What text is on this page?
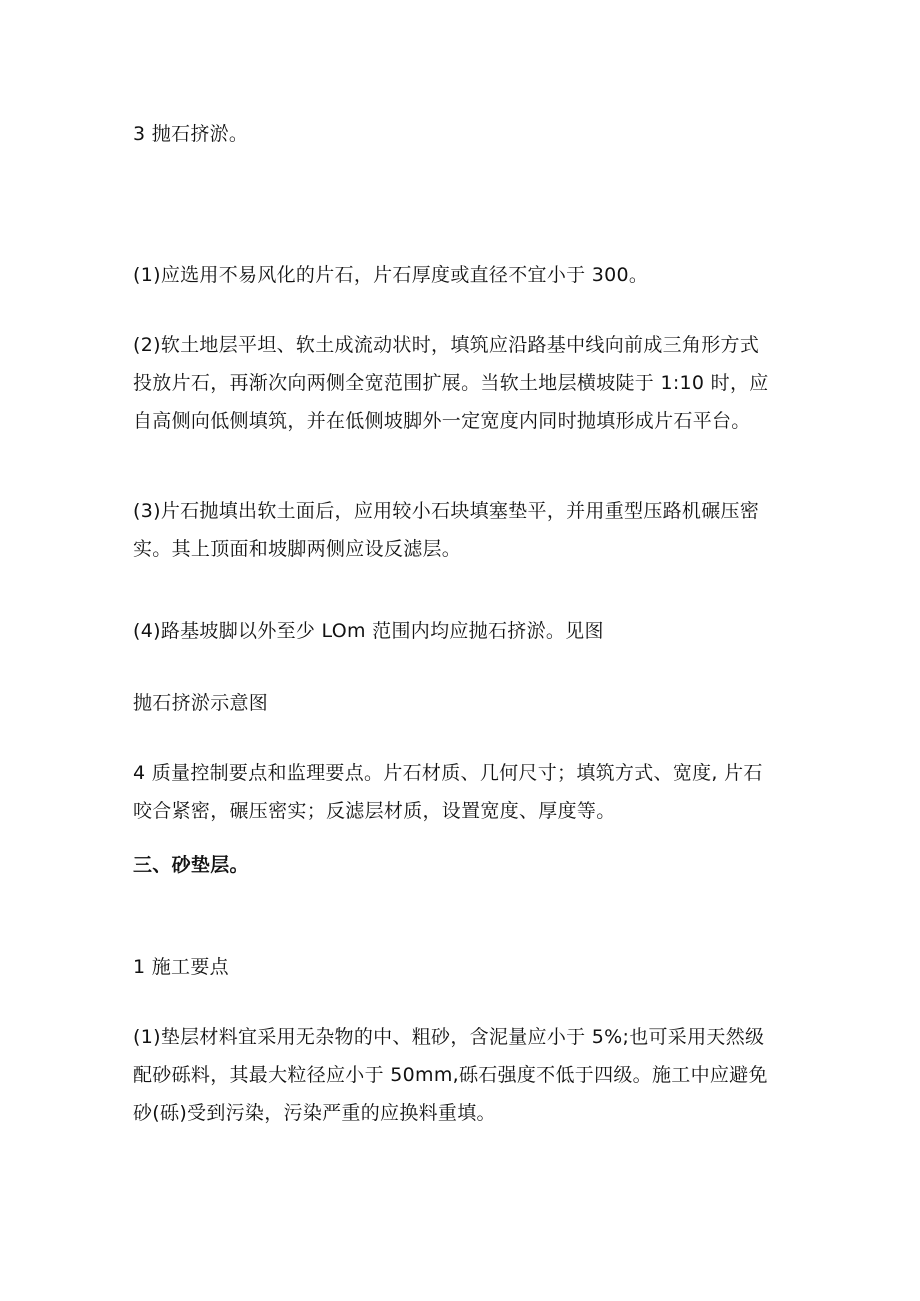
3 抛石挤淤。

(1)应选用不易风化的片石，片石厚度或直径不宜小于 300。

(2)软土地层平坦、软土成流动状时，填筑应沿路基中线向前成三角形方式
投放片石，再渐次向两侧全宽范围扩展。当软土地层横坡陡于 1:10 时，应
自高侧向低侧填筑，并在低侧坡脚外一定宽度内同时抛填形成片石平台。

(3)片石抛填出软土面后，应用较小石块填塞垫平，并用重型压路机碾压密
实。其上顶面和坡脚两侧应设反滤层。

(4)路基坡脚以外至少 LOm 范围内均应抛石挤淤。见图

抛石挤淤示意图

4 质量控制要点和监理要点。片石材质、几何尺寸；填筑方式、宽度, 片石
咬合紧密，碾压密实；反滤层材质，设置宽度、厚度等。

三、砂垫层。

1 施工要点

(1)垫层材料宜采用无杂物的中、粗砂，含泥量应小于 5%;也可采用天然级
配砂砾料，其最大粒径应小于 50mm,砾石强度不低于四级。施工中应避免
砂(砾)受到污染，污染严重的应换料重填。
